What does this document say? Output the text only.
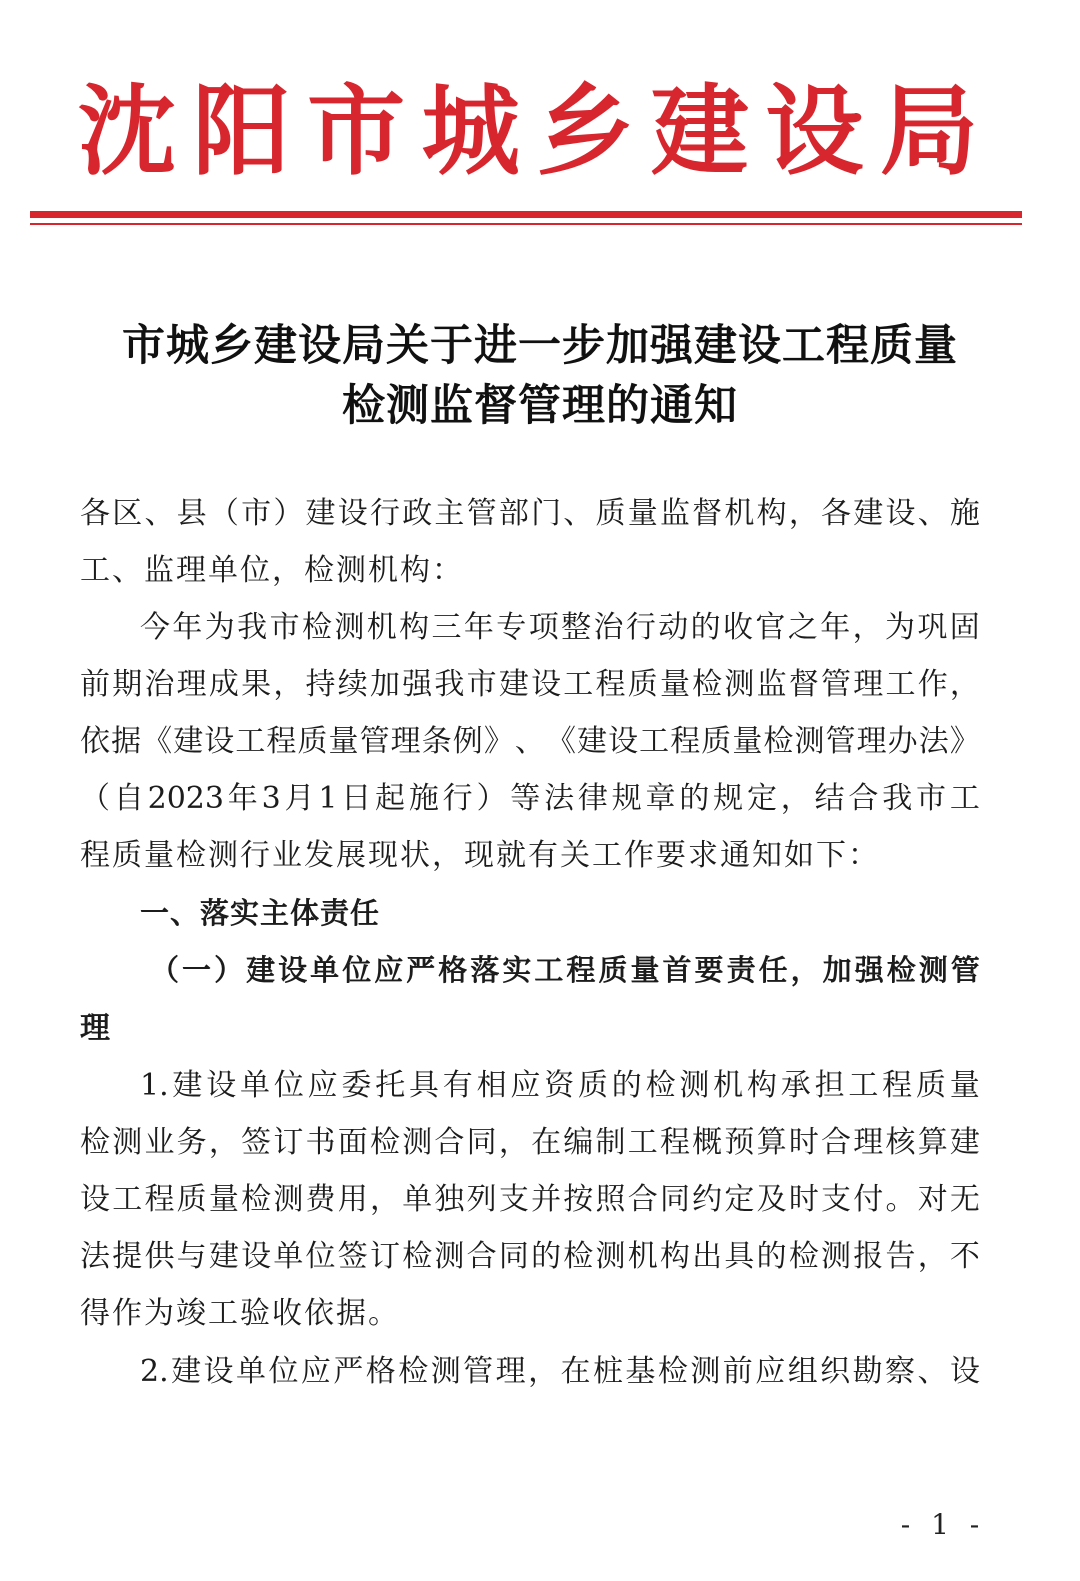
沈 阳 市 城 乡 建 设 局
市城乡建设局关于进一步加强建设工程质量
检测监督管理的通知
各 区 、 县 （ 市 ） 建 设 行 政 主 管 部 门 、 质 量 监 督 机 构 ， 各 建 设 、 施
工、监理单位，检测机构：
今 年 为 我 市 检 测 机 构 三 年 专 项 整 治 行 动 的 收 官 之 年 ， 为 巩 固
前 期 治 理 成 果 ， 持 续 加 强 我 市 建 设 工 程 质 量 检 测 监 督 管 理 工 作 ，
依 据 《 建 设 工 程 质 量 管 理 条 例 》 、 《 建 设 工 程 质 量 检 测 管 理 办 法 》
（ 自 2023 年 3 月 1 日 起 施 行 ） 等 法 律 规 章 的 规 定 ， 结 合 我 市 工
程质量检测行业发展现状，现就有关工作要求通知如下：
一、落实主体责任
（ 一 ） 建 设 单 位 应 严 格 落 实 工 程 质 量 首 要 责 任 ， 加 强 检 测 管
理
1. 建 设 单 位 应 委 托 具 有 相 应 资 质 的 检 测 机 构 承 担 工 程 质 量
检 测 业 务 ， 签 订 书 面 检 测 合 同 ， 在 编 制 工 程 概 预 算 时 合 理 核 算 建
设 工 程 质 量 检 测 费 用 ， 单 独 列 支 并 按 照 合 同 约 定 及 时 支 付 。 对 无
法 提 供 与 建 设 单 位 签 订 检 测 合 同 的 检 测 机 构 出 具 的 检 测 报 告 ， 不
得作为竣工验收依据。
2. 建 设 单 位 应 严 格 检 测 管 理 ， 在 桩 基 检 测 前 应 组 织 勘 察 、 设
- 1 -
